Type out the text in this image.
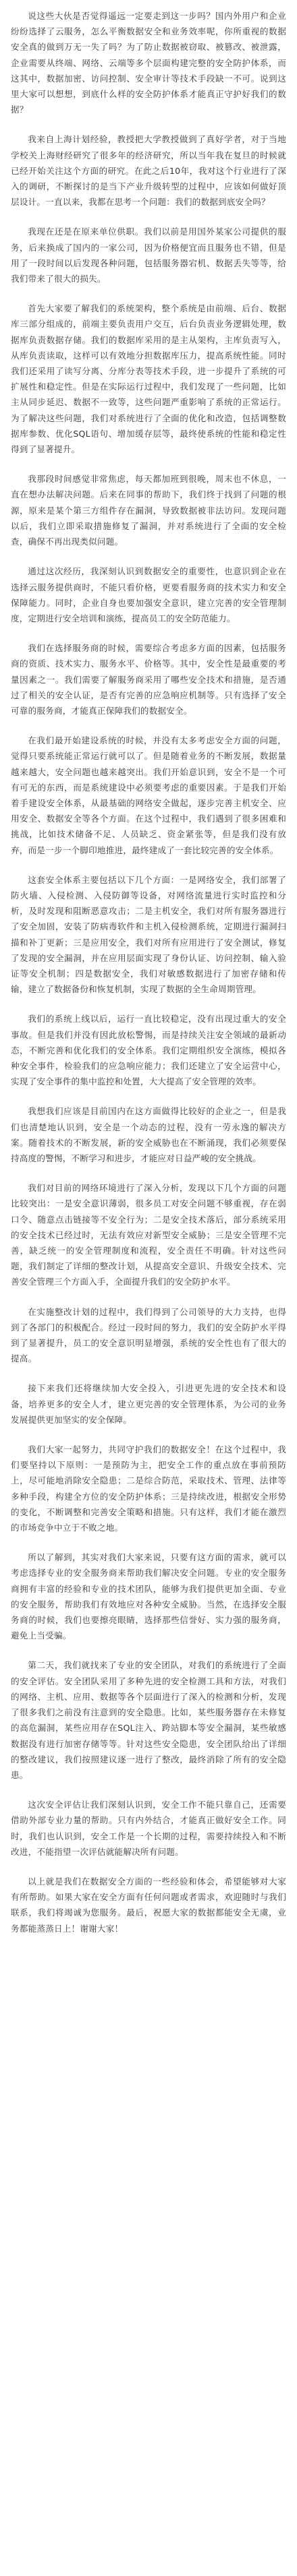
说这些大伙是否觉得遥远一定要走到这一步吗？国内外用户和企业纷纷选择了云服务，怎么平衡数据安全和业务效率呢，你所重视的数据安全真的做到万无一失了吗？为了防止数据被窃取、被篡改、被泄露，企业需要从终端、网络、云端等多个层面构建完整的安全防护体系，而这其中，数据加密、访问控制、安全审计等技术手段缺一不可。说到这里大家可以想想，到底什么样的安全防护体系才能真正守护好我们的数据？

我来自上海计划经验，教授把大学教授做到了真好学者，对于当地学校关上海财经研究了很多年的经济研究，所以当年我在复旦的时候就已经开始关注这个方面的研究。在此之后10年，我对这个行业进行了深入的调研，不断探讨的是当下产业升级转型的过程中，应该如何做好顶层设计。一直以来，我都在思考一个问题：我们的数据到底安全吗？

我现在还是在原来单位供职。我们以前是用国外某家公司提供的服务，后来换成了国内的一家公司，因为价格便宜而且服务也不错，但是用了一段时间以后发现各种问题，包括服务器宕机、数据丢失等等，给我们带来了很大的损失。

首先大家要了解我们的系统架构，整个系统是由前端、后台、数据库三部分组成的，前端主要负责用户交互，后台负责业务逻辑处理，数据库负责数据存储。我们的数据库采用的是主从架构，主库负责写入，从库负责读取，这样可以有效地分担数据库压力，提高系统性能。同时我们还采用了读写分离、分库分表等技术手段，进一步提升了系统的可扩展性和稳定性。但是在实际运行过程中，我们发现了一些问题，比如主从同步延迟、数据不一致等，这些问题严重影响了系统的正常运行。为了解决这些问题，我们对系统进行了全面的优化和改造，包括调整数据库参数、优化SQL语句、增加缓存层等，最终使系统的性能和稳定性得到了显著提升。

我那段时间感觉非常焦虑，每天都加班到很晚，周末也不休息，一直在想办法解决问题。后来在同事的帮助下，我们终于找到了问题的根源，原来是某个第三方组件存在漏洞，导致数据被非法访问。发现问题以后，我们立即采取措施修复了漏洞，并对系统进行了全面的安全检查，确保不再出现类似问题。

通过这次经历，我深刻认识到数据安全的重要性，也意识到企业在选择云服务提供商时，不能只看价格，更要看服务商的技术实力和安全保障能力。同时，企业自身也要加强安全意识，建立完善的安全管理制度，定期进行安全培训和演练，提高员工的安全防范能力。

我们在选择服务商的时候，需要综合考虑多方面的因素，包括服务商的资质、技术实力、服务水平、价格等。其中，安全性是最重要的考量因素之一。我们需要了解服务商采用了哪些安全技术和措施，是否通过了相关的安全认证，是否有完善的应急响应机制等。只有选择了安全可靠的服务商，才能真正保障我们的数据安全。

在我们最开始建设系统的时候，并没有太多考虑安全方面的问题，觉得只要系统能正常运行就可以了。但是随着业务的不断发展，数据量越来越大，安全问题也越来越突出。我们开始意识到，安全不是一个可有可无的东西，而是系统建设中必须要考虑的重要因素。于是我们开始着手建设安全体系，从最基础的网络安全做起，逐步完善主机安全、应用安全、数据安全等各个方面。在这个过程中，我们遇到了很多困难和挑战，比如技术储备不足、人员缺乏、资金紧张等，但是我们没有放弃，而是一步一个脚印地推进，最终建成了一套比较完善的安全体系。

这套安全体系主要包括以下几个方面：一是网络安全，我们部署了防火墙、入侵检测、入侵防御等设备，对网络流量进行实时监控和分析，及时发现和阻断恶意攻击；二是主机安全，我们对所有服务器进行了安全加固，安装了防病毒软件和主机入侵检测系统，定期进行漏洞扫描和补丁更新；三是应用安全，我们对所有应用进行了安全测试，修复了发现的安全漏洞，并在应用层面实现了身份认证、访问控制、输入验证等安全机制；四是数据安全，我们对敏感数据进行了加密存储和传输，建立了数据备份和恢复机制，实现了数据的全生命周期管理。

我们的系统上线以后，运行一直比较稳定，没有出现过重大的安全事故。但是我们并没有因此放松警惕，而是持续关注安全领域的最新动态，不断完善和优化我们的安全体系。我们定期组织安全演练，模拟各种安全事件，检验我们的应急响应能力；我们还建立了安全运营中心，实现了安全事件的集中监控和处置，大大提高了安全管理的效率。

我想我们应该是目前国内在这方面做得比较好的企业之一，但是我们也清楚地认识到，安全是一个动态的过程，没有一劳永逸的解决方案。随着技术的不断发展，新的安全威胁也在不断涌现，我们必须要保持高度的警惕，不断学习和进步，才能应对日益严峻的安全挑战。

我们对目前的网络环境进行了深入分析，发现以下几个方面的问题比较突出：一是安全意识薄弱，很多员工对安全问题不够重视，存在弱口令、随意点击链接等不安全行为；二是安全技术落后，部分系统采用的安全技术已经过时，无法有效应对新型安全威胁；三是安全管理不完善，缺乏统一的安全管理制度和流程，安全责任不明确。针对这些问题，我们制定了详细的整改计划，从提高安全意识、升级安全技术、完善安全管理三个方面入手，全面提升我们的安全防护水平。

在实施整改计划的过程中，我们得到了公司领导的大力支持，也得到了各部门的积极配合。经过一段时间的努力，我们的安全防护水平得到了显著提升，员工的安全意识明显增强，系统的安全性也有了很大的提高。

接下来我们还将继续加大安全投入，引进更先进的安全技术和设备，培养更多的安全人才，建立更完善的安全管理体系，为公司的业务发展提供更加坚实的安全保障。

我们大家一起努力，共同守护我们的数据安全！在这个过程中，我们要坚持以下原则：一是预防为主，把安全工作的重点放在事前预防上，尽可能地消除安全隐患；二是综合防范，采取技术、管理、法律等多种手段，构建全方位的安全防护体系；三是持续改进，根据安全形势的变化，不断调整和完善安全策略和措施。只有这样，我们才能在激烈的市场竞争中立于不败之地。

所以了解到，其实对我们大家来说，只要有这方面的需求，就可以考虑选择专业的安全服务商来帮助我们解决安全问题。专业的安全服务商拥有丰富的经验和专业的技术团队，能够为我们提供更加全面、专业的安全服务，帮助我们有效地应对各种安全威胁。当然，在选择安全服务商的时候，我们也要擦亮眼睛，选择那些信誉好、实力强的服务商，避免上当受骗。

第二天，我们就找来了专业的安全团队，对我们的系统进行了全面的安全评估。安全团队采用了多种先进的安全检测工具和方法，对我们的网络、主机、应用、数据等各个层面进行了深入的检测和分析，发现了很多我们之前没有注意到的安全隐患。比如，某些服务器存在未修复的高危漏洞，某些应用存在SQL注入、跨站脚本等安全漏洞，某些敏感数据没有进行加密存储等等。针对这些安全隐患，安全团队给出了详细的整改建议，我们按照建议逐一进行了整改，最终消除了所有的安全隐患。

这次安全评估让我们深刻认识到，安全工作不能只靠自己，还需要借助外部专业力量的帮助。只有内外结合，才能真正做好安全工作。同时，我们也认识到，安全工作是一个长期的过程，需要持续投入和不断改进，不能指望一次评估就能解决所有问题。

以上就是我们在数据安全方面的一些经验和体会，希望能够对大家有所帮助。如果大家在安全方面有任何问题或者需求，欢迎随时与我们联系，我们将竭诚为您服务。最后，祝愿大家的数据都能安全无虞，业务都能蒸蒸日上！谢谢大家！
